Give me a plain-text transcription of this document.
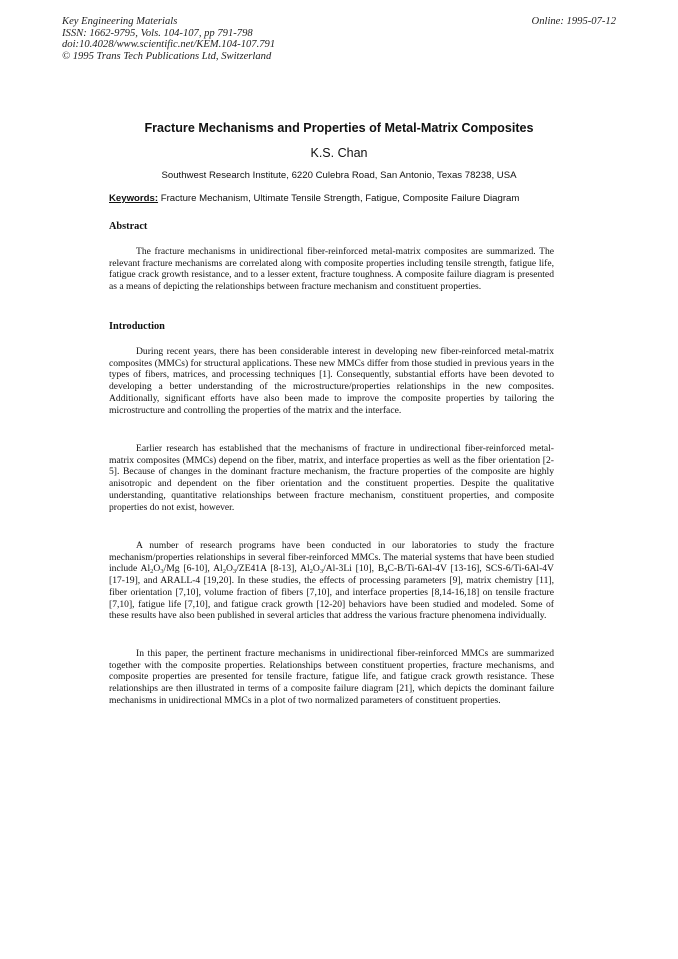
Key Engineering Materials
ISSN: 1662-9795, Vols. 104-107, pp 791-798
doi:10.4028/www.scientific.net/KEM.104-107.791
© 1995 Trans Tech Publications Ltd, Switzerland
Online: 1995-07-12
Fracture Mechanisms and Properties of Metal-Matrix Composites
K.S. Chan
Southwest Research Institute, 6220 Culebra Road, San Antonio, Texas 78238, USA
Keywords: Fracture Mechanism, Ultimate Tensile Strength, Fatigue, Composite Failure Diagram
Abstract
The fracture mechanisms in unidirectional fiber-reinforced metal-matrix composites are summarized. The relevant fracture mechanisms are correlated along with composite properties including tensile strength, fatigue life, fatigue crack growth resistance, and to a lesser extent, fracture toughness. A composite failure diagram is presented as a means of depicting the relationships between fracture mechanism and constituent properties.
Introduction
During recent years, there has been considerable interest in developing new fiber-reinforced metal-matrix composites (MMCs) for structural applications. These new MMCs differ from those studied in previous years in the types of fibers, matrices, and processing techniques [1]. Consequently, substantial efforts have been devoted to developing a better understanding of the microstructure/properties relationships in the new composites. Additionally, significant efforts have also been made to improve the composite properties by tailoring the microstructure and controlling the properties of the matrix and the interface.
Earlier research has established that the mechanisms of fracture in undirectional fiber-reinforced metal-matrix composites (MMCs) depend on the fiber, matrix, and interface properties as well as the fiber orientation [2-5]. Because of changes in the dominant fracture mechanism, the fracture properties of the composite are highly anisotropic and dependent on the fiber orientation and the constituent properties. Despite the qualitative understanding, quantitative relationships between fracture mechanism, constituent properties, and composite properties do not exist, however.
A number of research programs have been conducted in our laboratories to study the fracture mechanism/properties relationships in several fiber-reinforced MMCs. The material systems that have been studied include $Al_2O_3/Mg$ [6-10], $Al_2O_3/ZE41A$ [8-13], $Al_2O_3/Al-3Li$ [10], $B_4C-B/Ti-6Al-4V$ [13-16], SCS-6/Ti-6Al-4V [17-19], and ARALL-4 [19,20]. In these studies, the effects of processing parameters [9], matrix chemistry [11], fiber orientation [7,10], volume fraction of fibers [7,10], and interface properties [8,14-16,18] on tensile fracture [7,10], fatigue life [7,10], and fatigue crack growth [12-20] behaviors have been studied and modeled. Some of these results have also been published in several articles that address the various fracture phenomena individually.
In this paper, the pertinent fracture mechanisms in unidirectional fiber-reinforced MMCs are summarized together with the composite properties. Relationships between constituent properties, fracture mechanisms, and composite properties are presented for tensile fracture, fatigue life, and fatigue crack growth resistance. These relationships are then illustrated in terms of a composite failure diagram [21], which depicts the dominant failure mechanisms in unidirectional MMCs in a plot of two normalized parameters of constituent properties.
